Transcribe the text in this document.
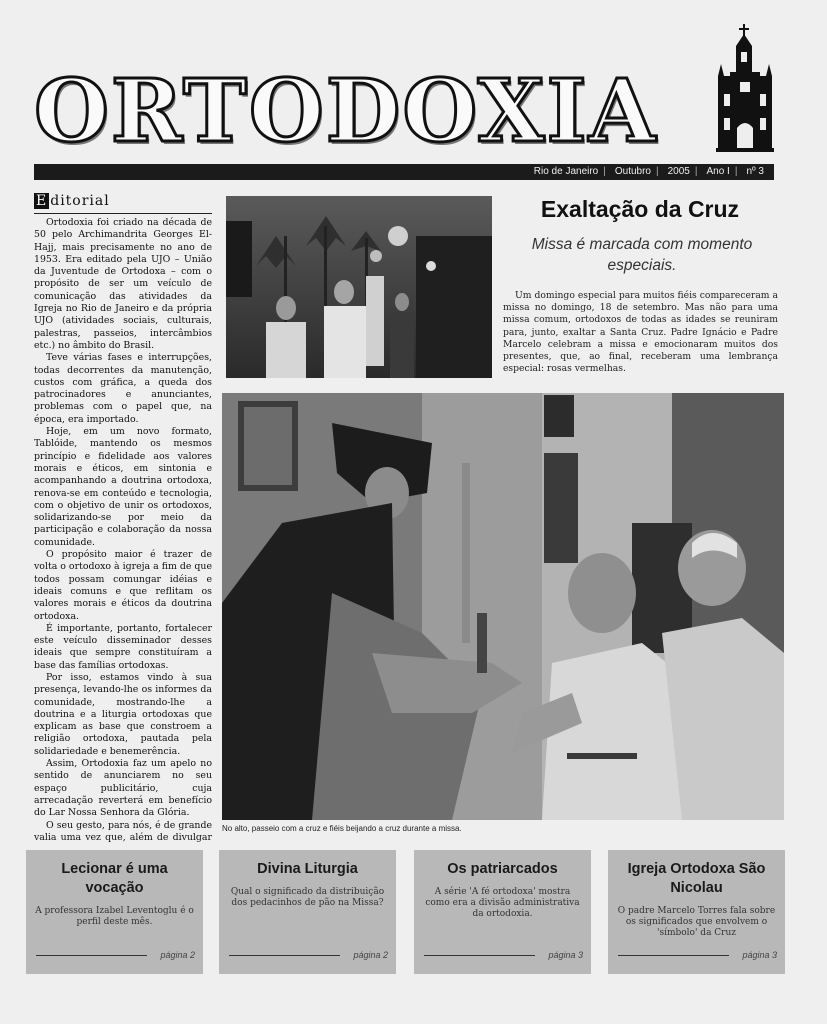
ORTODOXIA
Rio de Janeiro | Outubro | 2005 | Ano I | nº 3
E ditorial

Ortodoxia foi criado na década de 50 pelo Archimandrita Georges El-Hajj, mais precisamente no ano de 1953. Era editado pela UJO – União da Juventude de Ortodoxa – com o propósito de ser um veículo de comunicação das atividades da Igreja no Rio de Janeiro e da própria UJO (atividades sociais, culturais, palestras, passeios, intercâmbios etc.) no âmbito do Brasil.

Teve várias fases e interrupções, todas decorrentes da manutenção, custos com gráfica, a queda dos patrocinadores e anunciantes, problemas com o papel que, na época, era importado.

Hoje, em um novo formato, Tablóide, mantendo os mesmos princípio e fidelidade aos valores morais e éticos, em sintonia e acompanhando a doutrina ortodoxa, renova-se em conteúdo e tecnologia, com o objetivo de unir os ortodoxos, solidarizando-se por meio da participação e colaboração da nossa comunidade.

O propósito maior é trazer de volta o ortodoxo à igreja a fim de que todos possam comungar idéias e ideais comuns e que reflitam os valores morais e éticos da doutrina ortodoxa.

É importante, portanto, fortalecer este veículo disseminador desses ideais que sempre constituíram a base das famílias ortodoxas.

Por isso, estamos vindo à sua presença, levando-lhe os informes da comunidade, mostrando-lhe a doutrina e a liturgia ortodoxas que explicam as base que constroem a religião ortodoxa, pautada pela solidariedade e benemerência.

Assim, Ortodoxia faz um apelo no sentido de anunciarem no seu espaço publicitário, cuja arrecadação reverterá em benefício do Lar Nossa Senhora da Glória.

O seu gesto, para nós, é de grande valia uma vez que, além de divulgar

Exaltação da Cruz
Missa é marcada com momento especiais.

Um domingo especial para muitos fiéis compareceram a missa no domingo, 18 de setembro. Mas não para uma missa comum, ortodoxos de todas as idades se reuniram para, junto, exaltar a Santa Cruz. Padre Ignácio e Padre Marcelo celebram a missa e emocionaram muitos dos presentes, que, ao final, receberam uma lembrança especial: rosas vermelhas.

No alto, passeio com a cruz e fiéis beijando a cruz durante a missa.
Lecionar é uma vocação

A professora Izabel Leventoglu é o perfil deste mês.

página 2
Divina Liturgia

Qual o significado da distribuição dos pedacinhos de pão na Missa?

página 2
Os patriarcados

A série 'A fé ortodoxa' mostra como era a divisão administrativa da ortodoxia.

página 3
Igreja Ortodoxa São Nicolau

O padre Marcelo Torres fala sobre os significados que envolvem o 'símbolo' da Cruz

página 3
